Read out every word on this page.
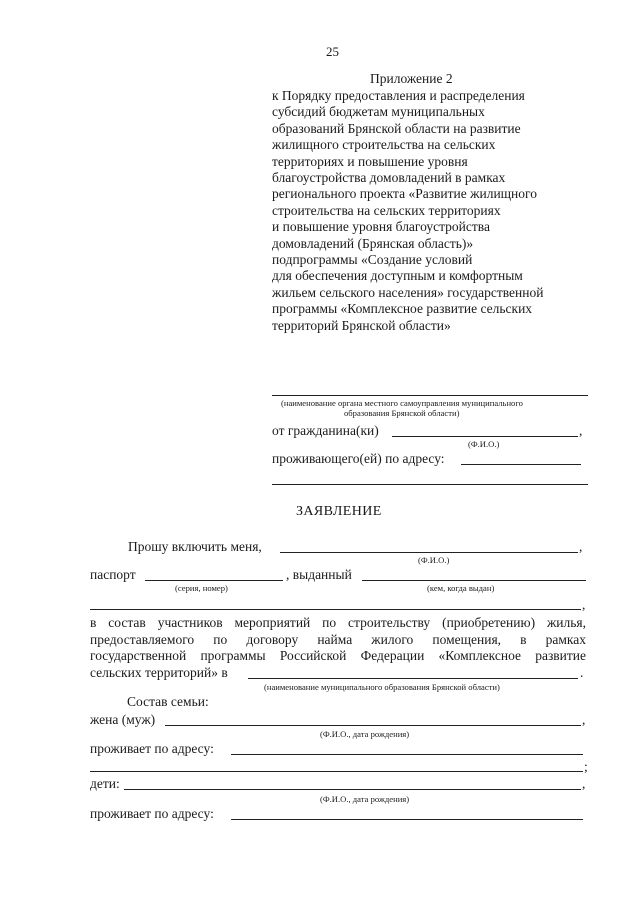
25
Приложение 2
к Порядку предоставления и распределения
субсидий бюджетам муниципальных
образований Брянской области на развитие
жилищного строительства на сельских
территориях и повышение уровня
благоустройства домовладений в рамках
регионального проекта «Развитие жилищного
строительства на сельских территориях
и повышение уровня благоустройства
домовладений (Брянская область)»
подпрограммы «Создание условий
для обеспечения доступным и комфортным
жильем сельского населения» государственной
программы «Комплексное развитие сельских
территорий Брянской области»
(наименование органа местного самоуправления муниципального
образования Брянской области)
от гражданина(ки)	,
(Ф.И.О.)
проживающего(ей) по адресу:
ЗАЯВЛЕНИЕ
Прошу включить меня,	,
(Ф.И.О.)
паспорт	, выданный
(серия, номер)	(кем, когда выдан)
,
в состав участников мероприятий по строительству (приобретению) жилья,
предоставляемого по договору найма жилого помещения, в рамках
государственной программы Российской Федерации «Комплексное развитие
сельских территорий» в	.
(наименование муниципального образования Брянской области)
Состав семьи:
жена (муж)	,
(Ф.И.О., дата рождения)
проживает по адресу:
;
дети:	,
(Ф.И.О., дата рождения)
проживает по адресу:
